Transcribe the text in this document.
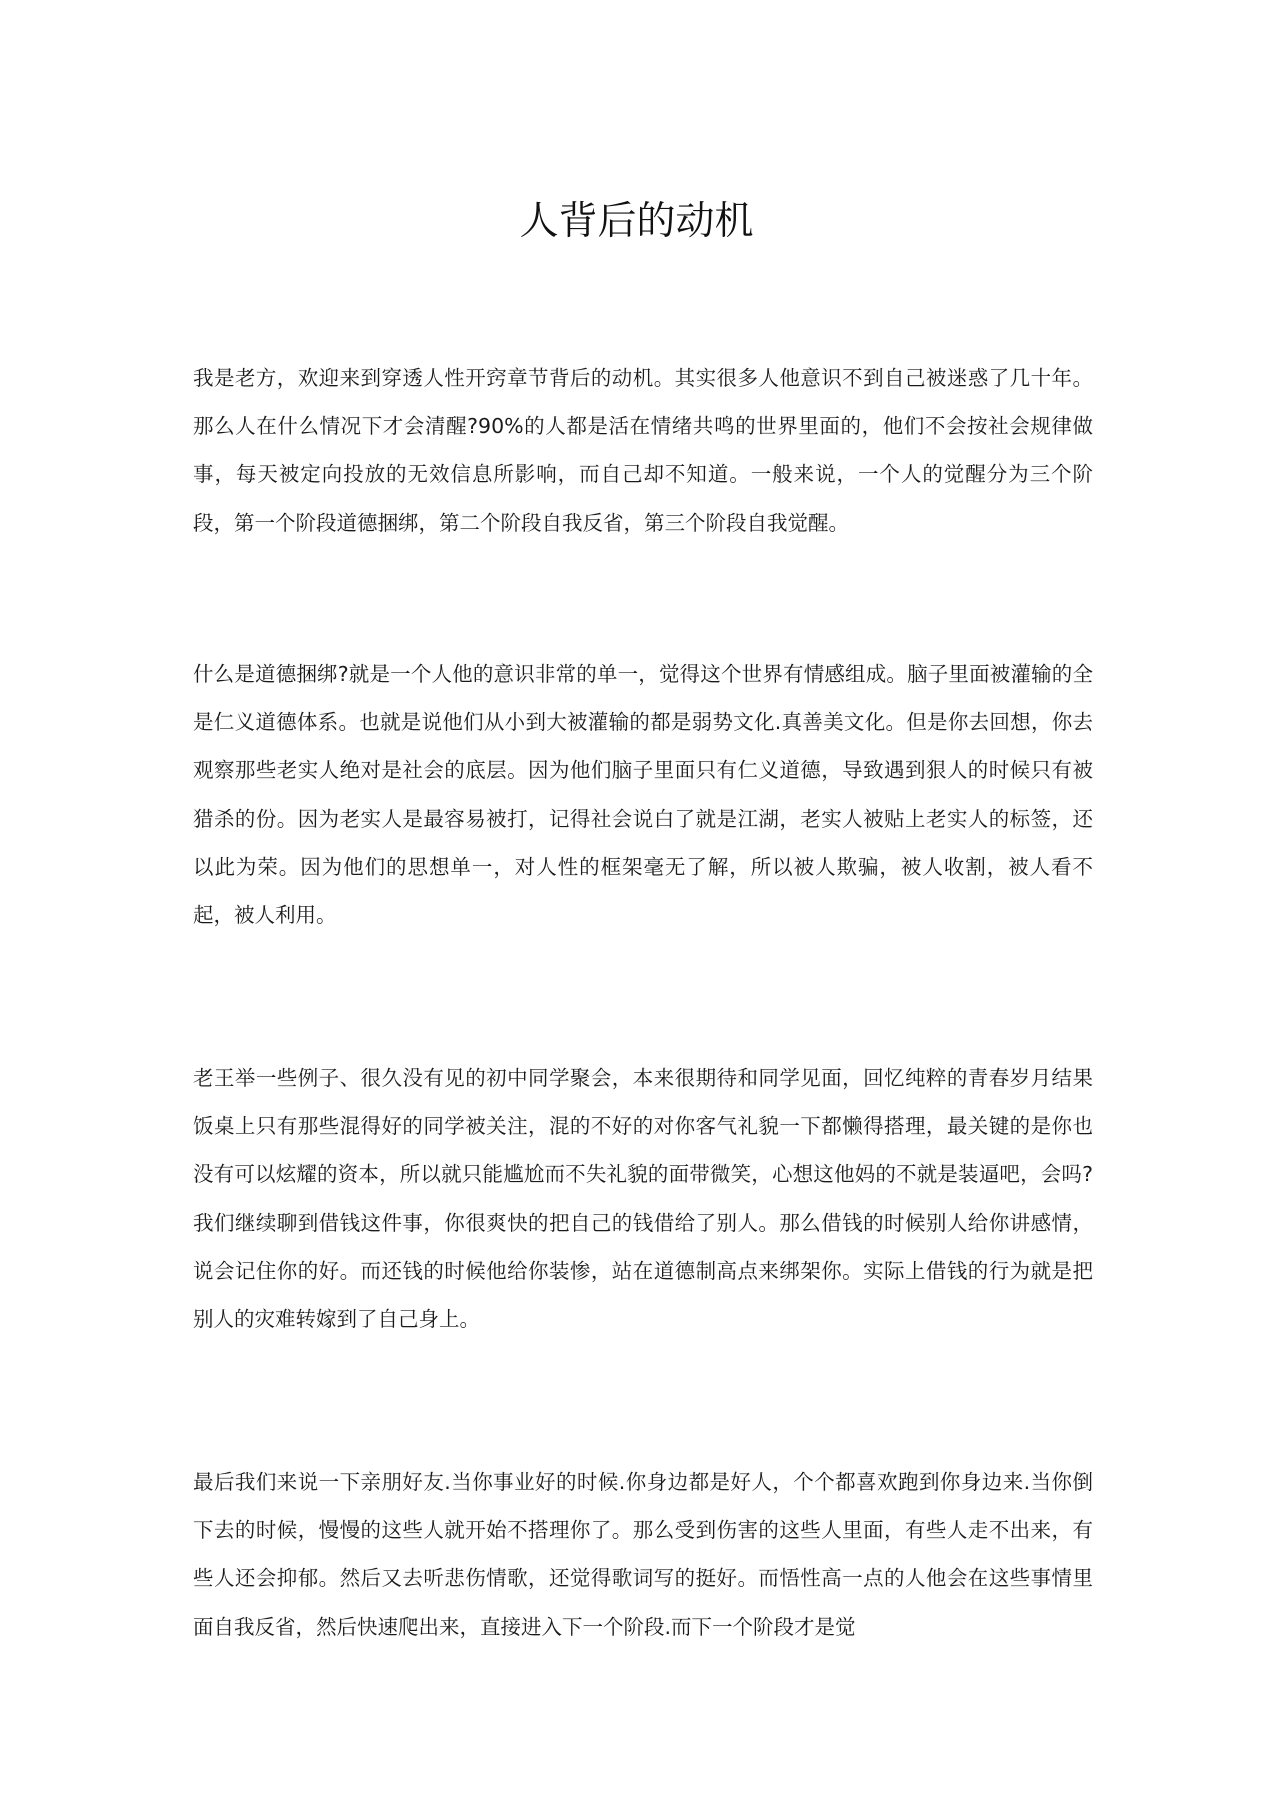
人背后的动机

我是老方，欢迎来到穿透人性开窍章节背后的动机。其实很多人他意识不到自己被迷惑了几十年。那么人在什么情况下才会清醒?90%的人都是活在情绪共鸣的世界里面的，他们不会按社会规律做事，每天被定向投放的无效信息所影响，而自己却不知道。一般来说，一个人的觉醒分为三个阶段，第一个阶段道德捆绑，第二个阶段自我反省，第三个阶段自我觉醒。

什么是道德捆绑?就是一个人他的意识非常的单一，觉得这个世界有情感组成。脑子里面被灌输的全是仁义道德体系。也就是说他们从小到大被灌输的都是弱势文化.真善美文化。但是你去回想，你去观察那些老实人绝对是社会的底层。因为他们脑子里面只有仁义道德，导致遇到狠人的时候只有被猎杀的份。因为老实人是最容易被打，记得社会说白了就是江湖，老实人被贴上老实人的标签，还以此为荣。因为他们的思想单一，对人性的框架毫无了解，所以被人欺骗，被人收割，被人看不起，被人利用。

老王举一些例子、很久没有见的初中同学聚会，本来很期待和同学见面，回忆纯粹的青春岁月结果饭桌上只有那些混得好的同学被关注，混的不好的对你客气礼貌一下都懒得搭理，最关键的是你也没有可以炫耀的资本，所以就只能尴尬而不失礼貌的面带微笑，心想这他妈的不就是装逼吧，会吗?我们继续聊到借钱这件事，你很爽快的把自己的钱借给了别人。那么借钱的时候别人给你讲感情，说会记住你的好。而还钱的时候他给你装惨，站在道德制高点来绑架你。实际上借钱的行为就是把别人的灾难转嫁到了自己身上。

最后我们来说一下亲朋好友.当你事业好的时候.你身边都是好人，个个都喜欢跑到你身边来.当你倒下去的时候，慢慢的这些人就开始不搭理你了。那么受到伤害的这些人里面，有些人走不出来，有些人还会抑郁。然后又去听悲伤情歌，还觉得歌词写的挺好。而悟性高一点的人他会在这些事情里面自我反省，然后快速爬出来，直接进入下一个阶段.而下一个阶段才是觉
